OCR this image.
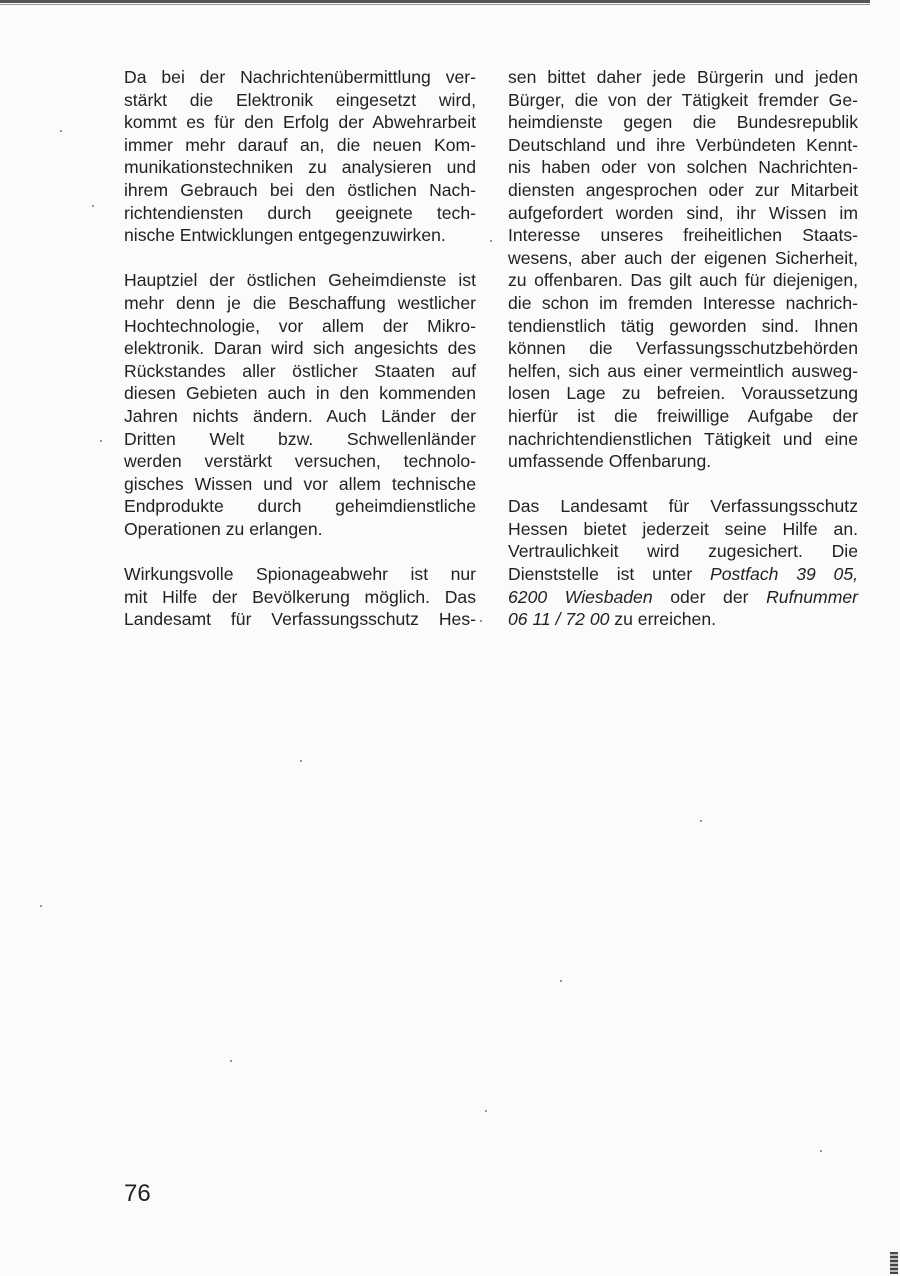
Da bei der Nachrichtenübermittlung ver-
stärkt die Elektronik eingesetzt wird,
kommt es für den Erfolg der Abwehrarbeit
immer mehr darauf an, die neuen Kom-
munikationstechniken zu analysieren und
ihrem Gebrauch bei den östlichen Nach-
richtendiensten durch geeignete tech-
nische Entwicklungen entgegenzuwirken.
Hauptziel der östlichen Geheimdienste ist
mehr denn je die Beschaffung westlicher
Hochtechnologie, vor allem der Mikro-
elektronik. Daran wird sich angesichts des
Rückstandes aller östlicher Staaten auf
diesen Gebieten auch in den kommenden
Jahren nichts ändern. Auch Länder der
Dritten Welt bzw. Schwellenländer
werden verstärkt versuchen, technolo-
gisches Wissen und vor allem technische
Endprodukte durch geheimdienstliche
Operationen zu erlangen.
Wirkungsvolle Spionageabwehr ist nur
mit Hilfe der Bevölkerung möglich. Das
Landesamt für Verfassungsschutz Hes-
sen bittet daher jede Bürgerin und jeden
Bürger, die von der Tätigkeit fremder Ge-
heimdienste gegen die Bundesrepublik
Deutschland und ihre Verbündeten Kennt-
nis haben oder von solchen Nachrichten-
diensten angesprochen oder zur Mitarbeit
aufgefordert worden sind, ihr Wissen im
Interesse unseres freiheitlichen Staats-
wesens, aber auch der eigenen Sicherheit,
zu offenbaren. Das gilt auch für diejenigen,
die schon im fremden Interesse nachrich-
tendienstlich tätig geworden sind. Ihnen
können die Verfassungsschutzbehörden
helfen, sich aus einer vermeintlich ausweg-
losen Lage zu befreien. Voraussetzung
hierfür ist die freiwillige Aufgabe der
nachrichtendienstlichen Tätigkeit und eine
umfassende Offenbarung.
Das Landesamt für Verfassungsschutz
Hessen bietet jederzeit seine Hilfe an.
Vertraulichkeit wird zugesichert. Die
Dienststelle ist unter Postfach 39 05,
6200 Wiesbaden oder der Rufnummer
06 11 / 72 00 zu erreichen.
76
